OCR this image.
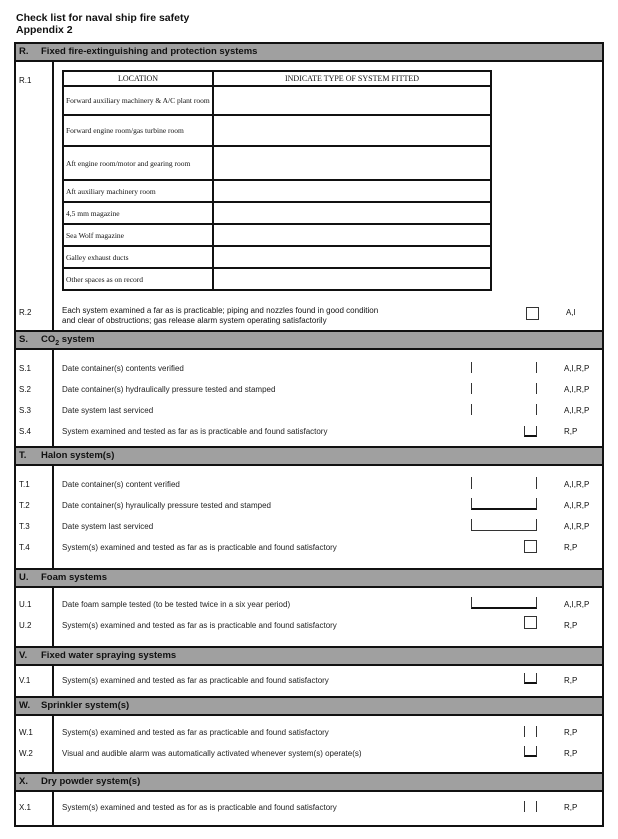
Check list for naval ship fire safety
Appendix 2
R. Fixed fire-extinguishing and protection systems
R.1	LOCATION	INDICATE TYPE OF SYSTEM FITTED
Forward auxiliary machinery & A/C plant room	
Forward engine room/gas turbine room	
Aft engine room/motor and gearing room	
Aft auxiliary machinery room	
4,5 mm magazine	
Sea Wolf magazine	
Galley exhaust ducts	
Other spaces as on record	
R.2	Each system examined a far as is practicable; piping and nozzles found in good condition
and clear of obstructions; gas release alarm system operating satisfactorily
A,I
S. $CO_2$ system
S.1	Date container(s) contents verified	A,I,R,P
S.2	Date container(s) hydraulically pressure tested and stamped	A,I,R,P
S.3	Date system last serviced	A,I,R,P
S.4	System examined and tested as far as is practicable and found satisfactory	R,P
T. Halon system(s)
T.1	Date container(s) content verified	A,I,R,P
T.2	Date container(s) hyraulically pressure tested and stamped	A,I,R,P
T.3	Date system last serviced	A,I,R,P
T.4	System(s) examined and tested as far as is practicable and found satisfactory	R,P
U. Foam systems
U.1	Date foam sample tested (to be tested twice in a six year period)	A,I,R,P
U.2	System(s) examined and tested as far as is practicable and found satisfactory	R,P
V. Fixed water spraying systems
V.1	System(s) examined and tested as far as practicable and found satisfactory	R,P
W. Sprinkler system(s)
W.1	System(s) examined and tested as far as practicable and found satisfactory	R,P
W.2	Visual and audible alarm was automatically activated whenever system(s) operate(s)	R,P
X. Dry powder system(s)
X.1	System(s) examined and tested as for as is practicable and found satisfactory	R,P
